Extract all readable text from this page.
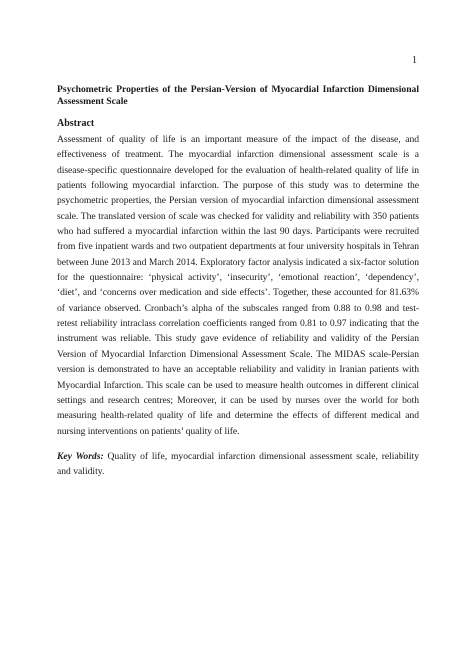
1

Psychometric Properties of the Persian-Version of Myocardial Infarction Dimensional Assessment Scale

Abstract

Assessment of quality of life is an important measure of the impact of the disease, and effectiveness of treatment. The myocardial infarction dimensional assessment scale is a disease-specific questionnaire developed for the evaluation of health-related quality of life in patients following myocardial infarction. The purpose of this study was to determine the psychometric properties, the Persian version of myocardial infarction dimensional assessment scale. The translated version of scale was checked for validity and reliability with 350 patients who had suffered a myocardial infarction within the last 90 days. Participants were recruited from five inpatient wards and two outpatient departments at four university hospitals in Tehran between June 2013 and March 2014. Exploratory factor analysis indicated a six-factor solution for the questionnaire: ‘physical activity’, ‘insecurity’, ‘emotional reaction’, ‘dependency’, ‘diet’, and ‘concerns over medication and side effects’. Together, these accounted for 81.63% of variance observed. Cronbach’s alpha of the subscales ranged from 0.88 to 0.98 and test-retest reliability intraclass correlation coefficients ranged from 0.81 to 0.97 indicating that the instrument was reliable. This study gave evidence of reliability and validity of the Persian Version of Myocardial Infarction Dimensional Assessment Scale. The MIDAS scale-Persian version is demonstrated to have an acceptable reliability and validity in Iranian patients with Myocardial Infarction. This scale can be used to measure health outcomes in different clinical settings and research centres; Moreover, it can be used by nurses over the world for both measuring health-related quality of life and determine the effects of different medical and nursing interventions on patients’ quality of life.

Key Words: Quality of life, myocardial infarction dimensional assessment scale, reliability and validity.
